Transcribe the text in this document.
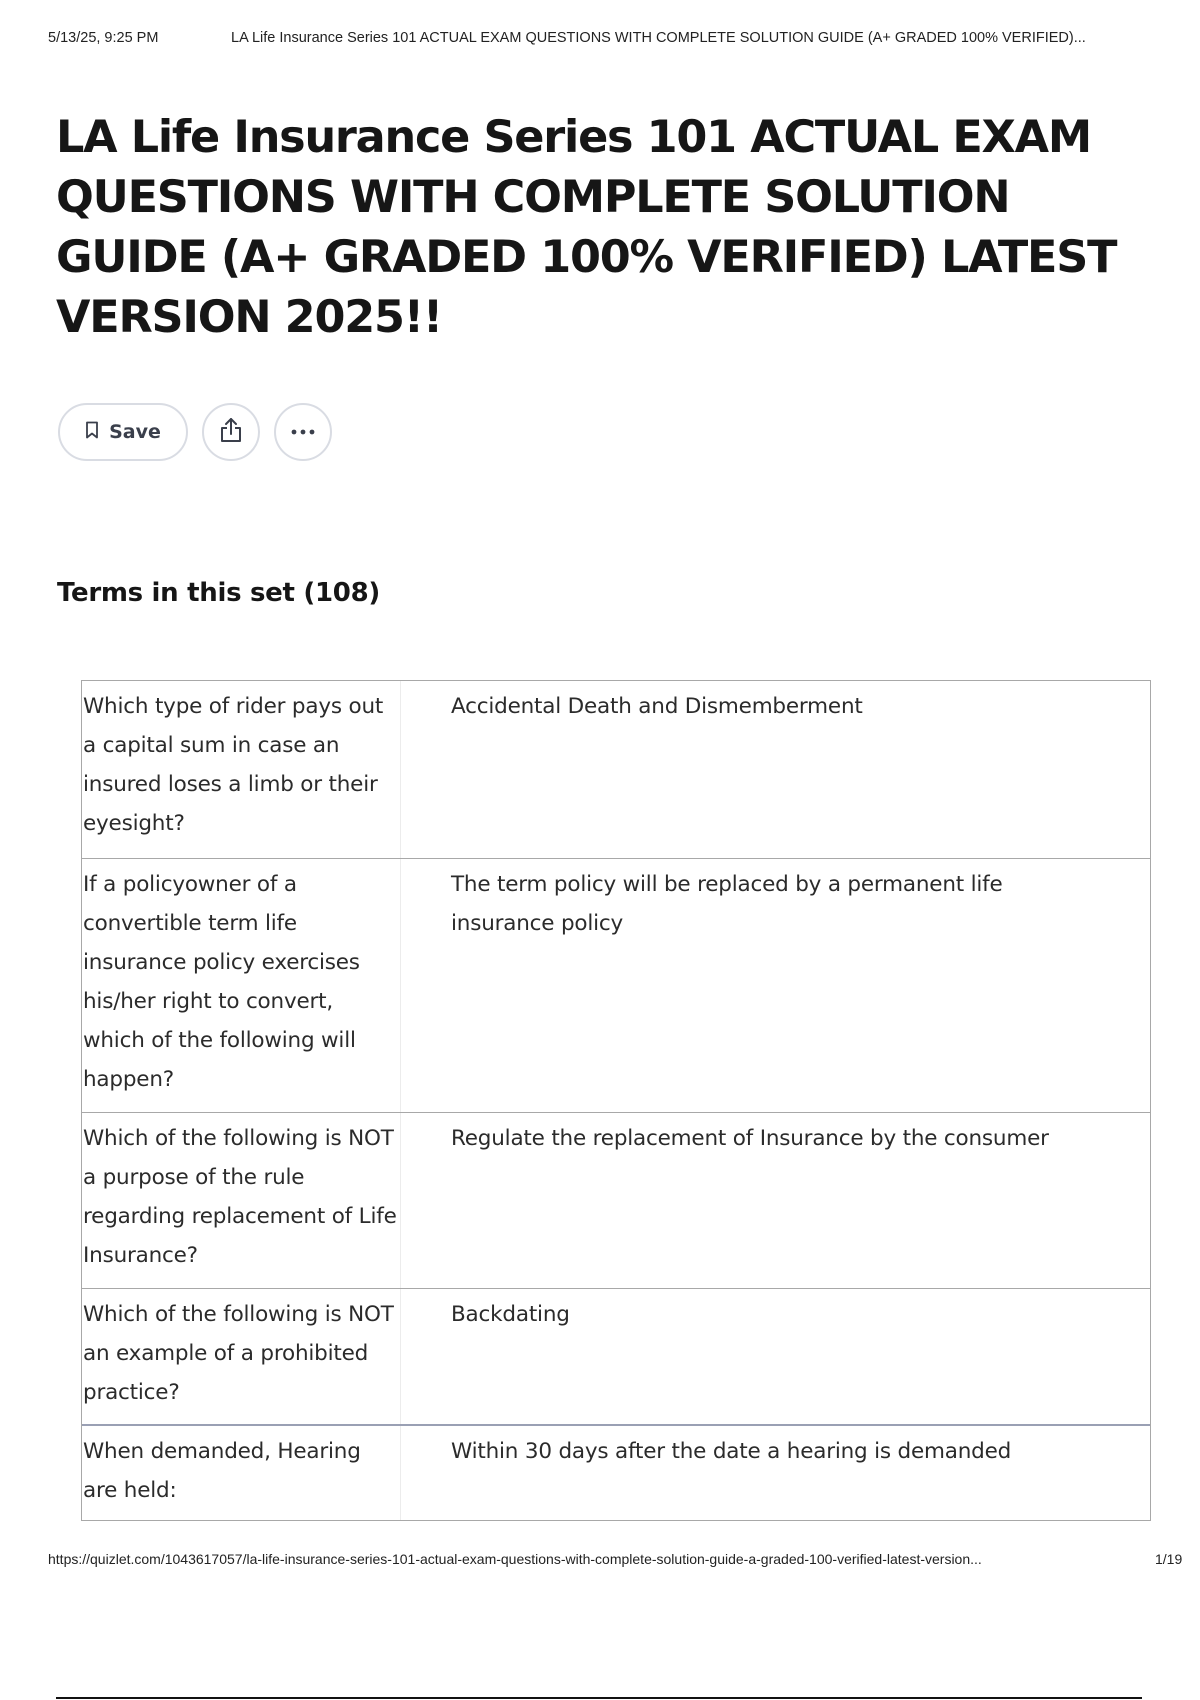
5/13/25, 9:25 PM	LA Life Insurance Series 101 ACTUAL EXAM QUESTIONS WITH COMPLETE SOLUTION GUIDE (A+ GRADED 100% VERIFIED)...
LA Life Insurance Series 101 ACTUAL EXAM QUESTIONS WITH COMPLETE SOLUTION GUIDE (A+ GRADED 100% VERIFIED) LATEST VERSION 2025!!
Save
Terms in this set (108)
Which type of rider pays out a capital sum in case an insured loses a limb or their eyesight?
Accidental Death and Dismemberment
If a policyowner of a convertible term life insurance policy exercises his/her right to convert, which of the following will happen?
The term policy will be replaced by a permanent life insurance policy
Which of the following is NOT a purpose of the rule regarding replacement of Life Insurance?
Regulate the replacement of Insurance by the consumer
Which of the following is NOT an example of a prohibited practice?
Backdating
When demanded, Hearing are held:
Within 30 days after the date a hearing is demanded
https://quizlet.com/1043617057/la-life-insurance-series-101-actual-exam-questions-with-complete-solution-guide-a-graded-100-verified-latest-version...	1/19
